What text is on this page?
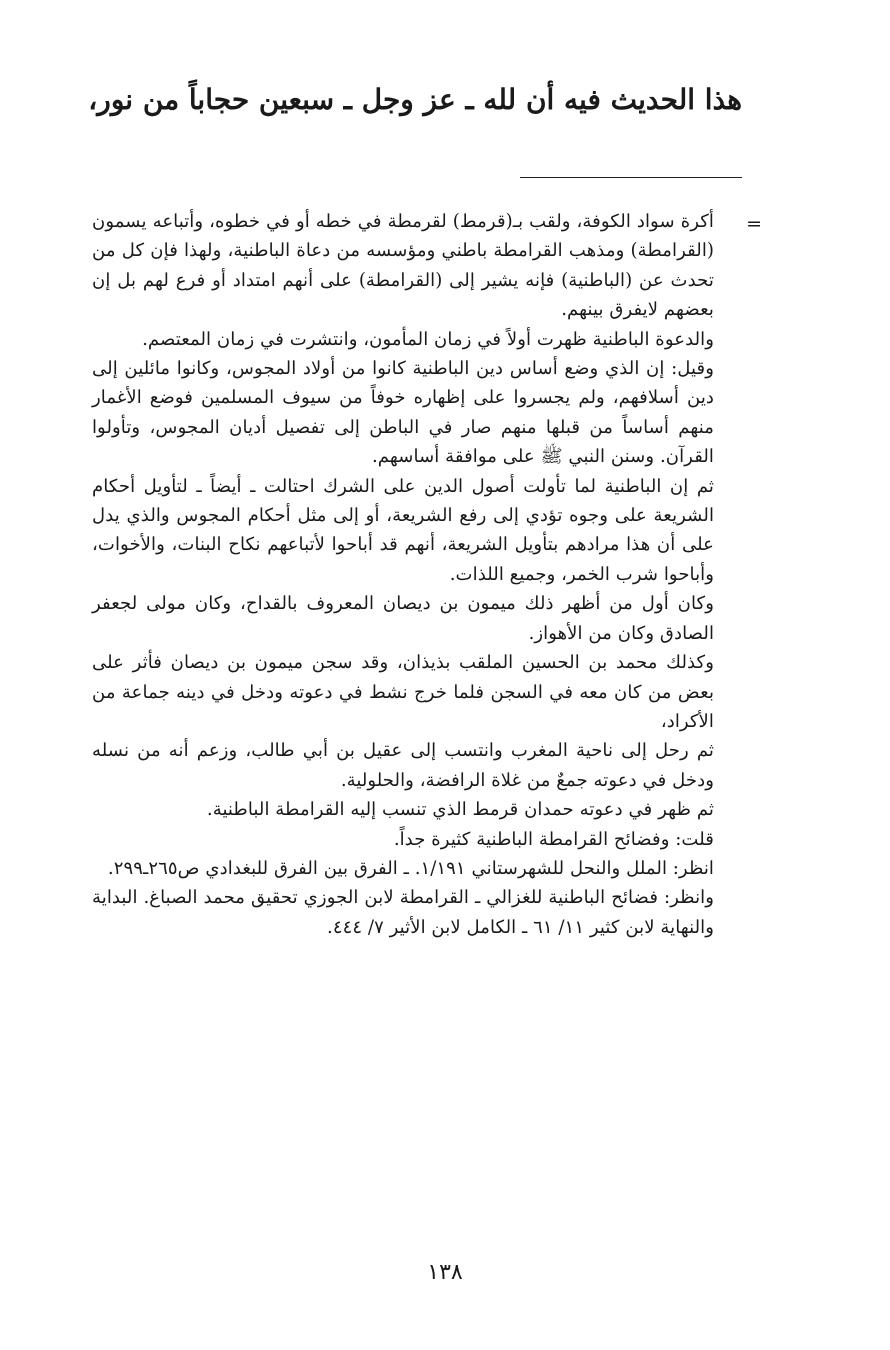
هذا الحديث فيه أن لله ـ عز وجل ـ سبعين حجاباً من نور،
=

أكرة سواد الكوفة، ولقب بـ(قرمط) لقرمطة في خطه أو في خطوه، وأتباعه يسمون (القرامطة) ومذهب القرامطة باطني ومؤسسه من دعاة الباطنية، ولهذا فإن كل من تحدث عن (الباطنية) فإنه يشير إلى (القرامطة) على أنهم امتداد أو فرع لهم بل إن بعضهم لايفرق بينهم.

والدعوة الباطنية ظهرت أولاً في زمان المأمون، وانتشرت في زمان المعتصم.

وقيل: إن الذي وضع أساس دين الباطنية كانوا من أولاد المجوس، وكانوا مائلين إلى دين أسلافهم، ولم يجسروا على إظهاره خوفاً من سيوف المسلمين فوضع الأغمار منهم أساساً من قبلها منهم صار في الباطن إلى تفصيل أديان المجوس، وتأولوا القرآن. وسنن النبي ﷺ على موافقة أساسهم.

ثم إن الباطنية لما تأولت أصول الدين على الشرك احتالت ـ أيضاً ـ لتأويل أحكام الشريعة على وجوه تؤدي إلى رفع الشريعة، أو إلى مثل أحكام المجوس والذي يدل على أن هذا مرادهم بتأويل الشريعة، أنهم قد أباحوا لأتباعهم نكاح البنات، والأخوات، وأباحوا شرب الخمر، وجميع اللذات.

وكان أول من أظهر ذلك ميمون بن ديصان المعروف بالقداح، وكان مولى لجعفر الصادق وكان من الأهواز.

وكذلك محمد بن الحسين الملقب بذيذان، وقد سجن ميمون بن ديصان فأثر على بعض من كان معه في السجن فلما خرج نشط في دعوته ودخل في دينه جماعة من الأكراد،

ثم رحل إلى ناحية المغرب وانتسب إلى عقيل بن أبي طالب، وزعم أنه من نسله ودخل في دعوته جمعٌ من غلاة الرافضة، والحلولية.

ثم ظهر في دعوته حمدان قرمط الذي تنسب إليه القرامطة الباطنية.

قلت: وفضائح القرامطة الباطنية كثيرة جداً.

انظر: الملل والنحل للشهرستاني ١/١٩١. ـ الفرق بين الفرق للبغدادي ص٢٦٥ـ٢٩٩.

وانظر: فضائح الباطنية للغزالي ـ القرامطة لابن الجوزي تحقيق محمد الصباغ. البداية والنهاية لابن كثير ١١/ ٦١ ـ الكامل لابن الأثير ٧/ ٤٤٤.

١٣٨
